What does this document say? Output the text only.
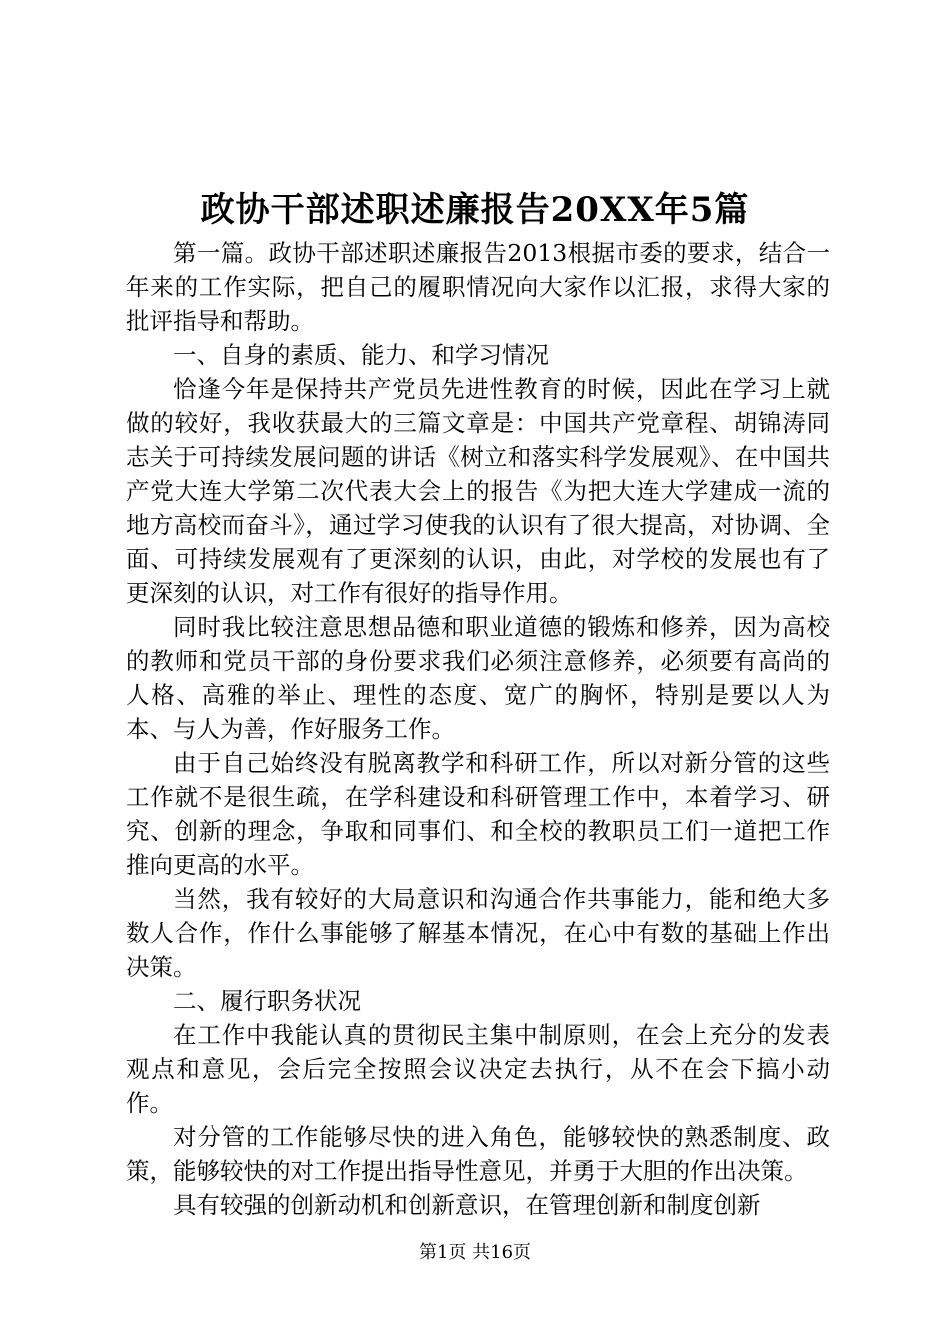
政协干部述职述廉报告20XX年5篇

第一篇。政协干部述职述廉报告2013根据市委的要求，结合一年来的工作实际，把自己的履职情况向大家作以汇报，求得大家的批评指导和帮助。

一、自身的素质、能力、和学习情况

恰逢今年是保持共产党员先进性教育的时候，因此在学习上就做的较好，我收获最大的三篇文章是：中国共产党章程、胡锦涛同志关于可持续发展问题的讲话《树立和落实科学发展观》、在中国共产党大连大学第二次代表大会上的报告《为把大连大学建成一流的地方高校而奋斗》，通过学习使我的认识有了很大提高，对协调、全面、可持续发展观有了更深刻的认识，由此，对学校的发展也有了更深刻的认识，对工作有很好的指导作用。

同时我比较注意思想品德和职业道德的锻炼和修养，因为高校的教师和党员干部的身份要求我们必须注意修养，必须要有高尚的人格、高雅的举止、理性的态度、宽广的胸怀，特别是要以人为本、与人为善，作好服务工作。

由于自己始终没有脱离教学和科研工作，所以对新分管的这些工作就不是很生疏，在学科建设和科研管理工作中，本着学习、研究、创新的理念，争取和同事们、和全校的教职员工们一道把工作推向更高的水平。

当然，我有较好的大局意识和沟通合作共事能力，能和绝大多数人合作，作什么事能够了解基本情况，在心中有数的基础上作出决策。

二、履行职务状况

在工作中我能认真的贯彻民主集中制原则，在会上充分的发表观点和意见，会后完全按照会议决定去执行，从不在会下搞小动作。

对分管的工作能够尽快的进入角色，能够较快的熟悉制度、政策，能够较快的对工作提出指导性意见，并勇于大胆的作出决策。

具有较强的创新动机和创新意识，在管理创新和制度创新

第1页 共16页
